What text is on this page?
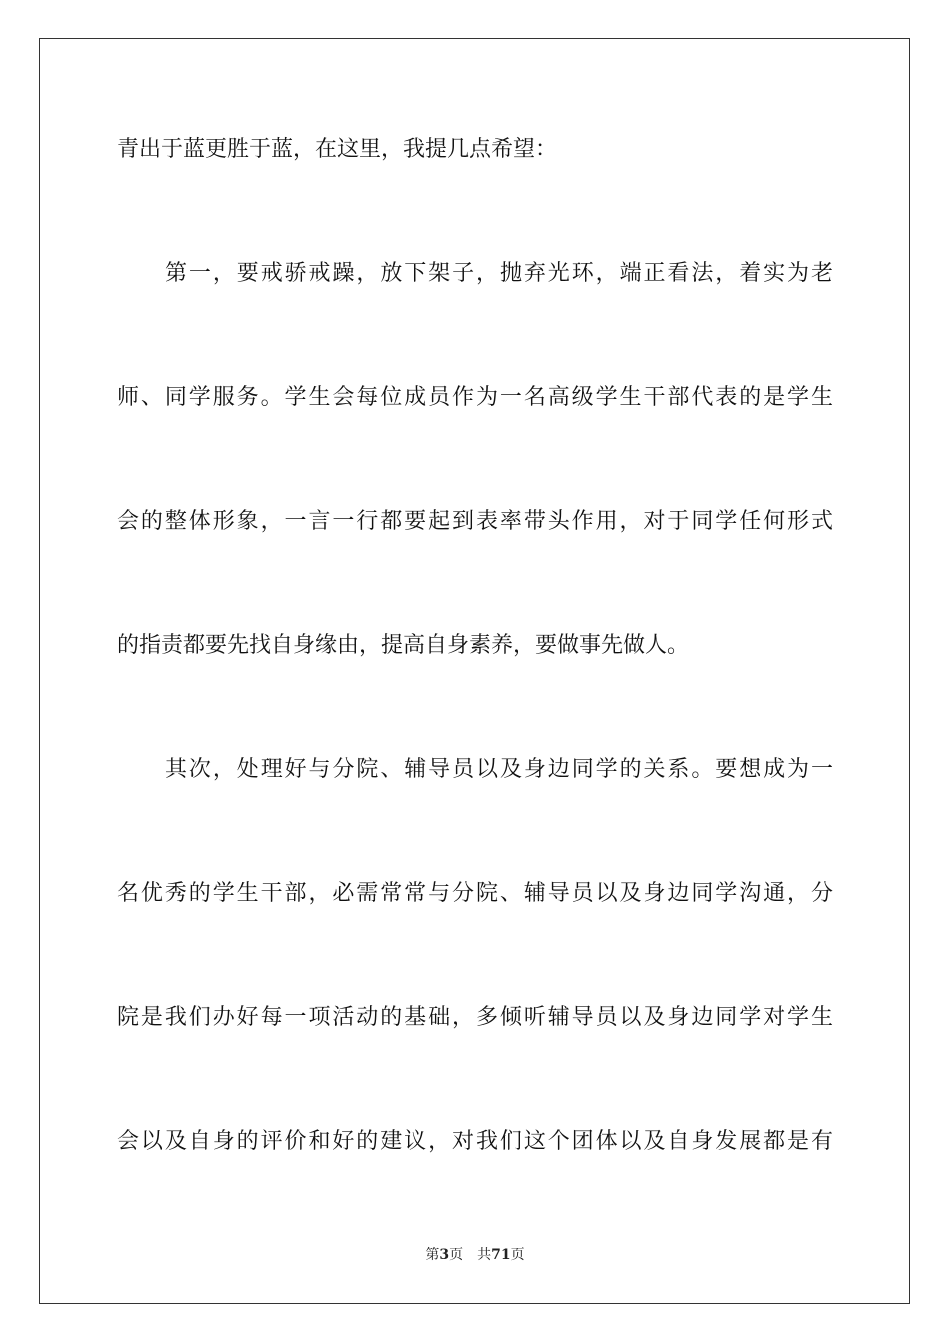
青出于蓝更胜于蓝，在这里，我提几点希望：
第一，要戒骄戒躁，放下架子，抛弃光环，端正看法，着实为老
师、同学服务。学生会每位成员作为一名高级学生干部代表的是学生
会的整体形象，一言一行都要起到表率带头作用，对于同学任何形式
的指责都要先找自身缘由，提高自身素养，要做事先做人。
其次，处理好与分院、辅导员以及身边同学的关系。要想成为一
名优秀的学生干部，必需常常与分院、辅导员以及身边同学沟通，分
院是我们办好每一项活动的基础，多倾听辅导员以及身边同学对学生
会以及自身的评价和好的建议，对我们这个团体以及自身发展都是有
第3页 共71页
